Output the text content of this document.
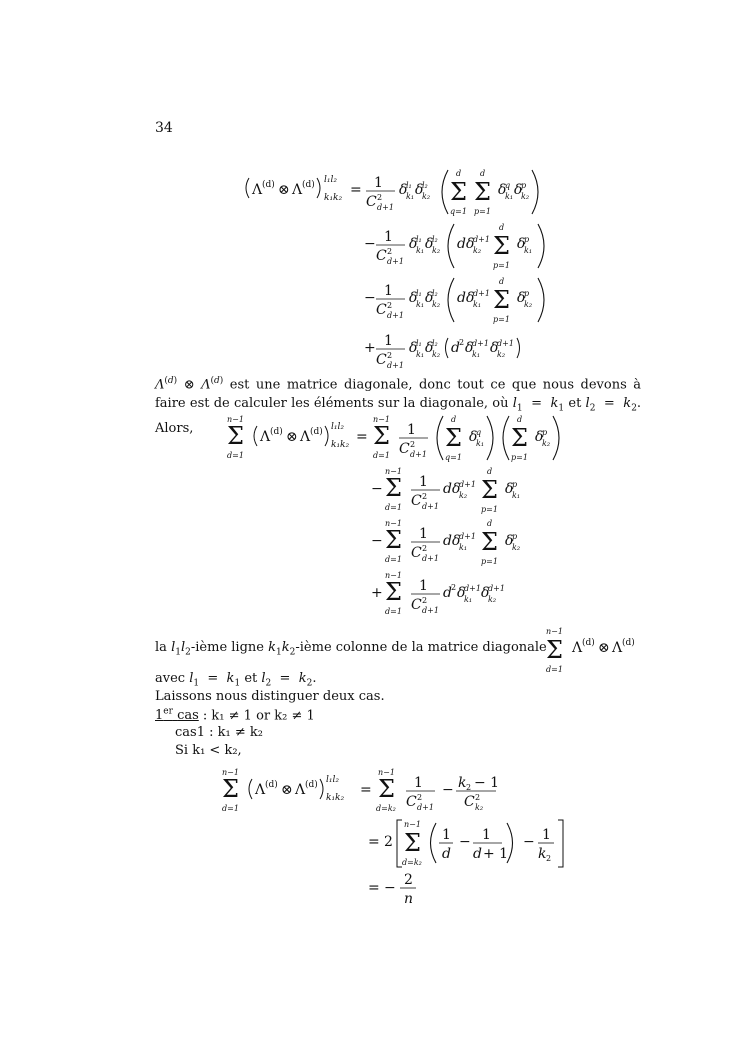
34
Λ (d) ⊗ Λ (d) l₁l₂
k₁k₂ = 1
C 2
d+1
δ
l₁
k₁ δ
l₂
k₂ Σ
d
q=1
Σ
d
p=1
δ
q
k₁ δ
p
k₂
− 1
C 2
d+1
δ
l₁
k₁ δ
l₂
k₂ dδ
d+1
k₂ Σ
d
p=1
δ
p
k₁
− 1
C 2
d+1
δ
l₁
k₁ δ
l₂
k₂ dδ
d+1
k₁ Σ
d
p=1
δ
p
k₂
+ 1
C 2
d+1
δ
l₁
k₁ δ
l₂
k₂ d 2 δ
d+1
k₁ δ
d+1
k₂
$\Lambda^{(d)}$ ⊗ $\Lambda^{(d)}$ est une matrice diagonale, donc tout ce que nous devons à faire est de calculer les éléments sur la diagonale, où $l_1 = k_1$ et $l_2 = k_2$. Alors,	Σ
n−1
d=1
Λ (d) ⊗ Λ (d) l₁l₂
k₁k₂ = Σ
n−1
d=1
1
C 2
d+1
Σ
d
q=1
δ
q
k₁ Σ
d
p=1
δ
p
k₂
− Σ
n−1
d=1
1
C 2
d+1
dδ
d+1
k₂ Σ
d
p=1
δ
p
k₁
− Σ
n−1
d=1
1
C 2
d+1
dδ
d+1
k₁ Σ
d
p=1
δ
p
k₂
+ Σ
n−1
d=1
1
C 2
d+1
d 2 δ
d+1
k₁ δ
d+1
k₂
la $l_1l_2$-ième ligne $k_1k_2$-ième colonne de la matrice diagonale Σ
n−1
d=1
Λ (d) ⊗ Λ (d)
avec $l_1 = k_1$ et $l_2 = k_2$.
Laissons nous distinguer deux cas.
1er cas : k₁ ≠ 1 or k₂ ≠ 1
cas1 : k₁ ≠ k₂
Si k₁ < k₂,
Σ
n−1
d=1
Λ (d) ⊗ Λ (d) l₁l₂
k₁k₂ = Σ
n−1
d=k₂
1
C 2
d+1
− k 2 − 1
C 2
k₂
= 2 Σ
n−1
d=k₂
1
d
− 1
d + 1
− 1
k 2
= − 2
n
